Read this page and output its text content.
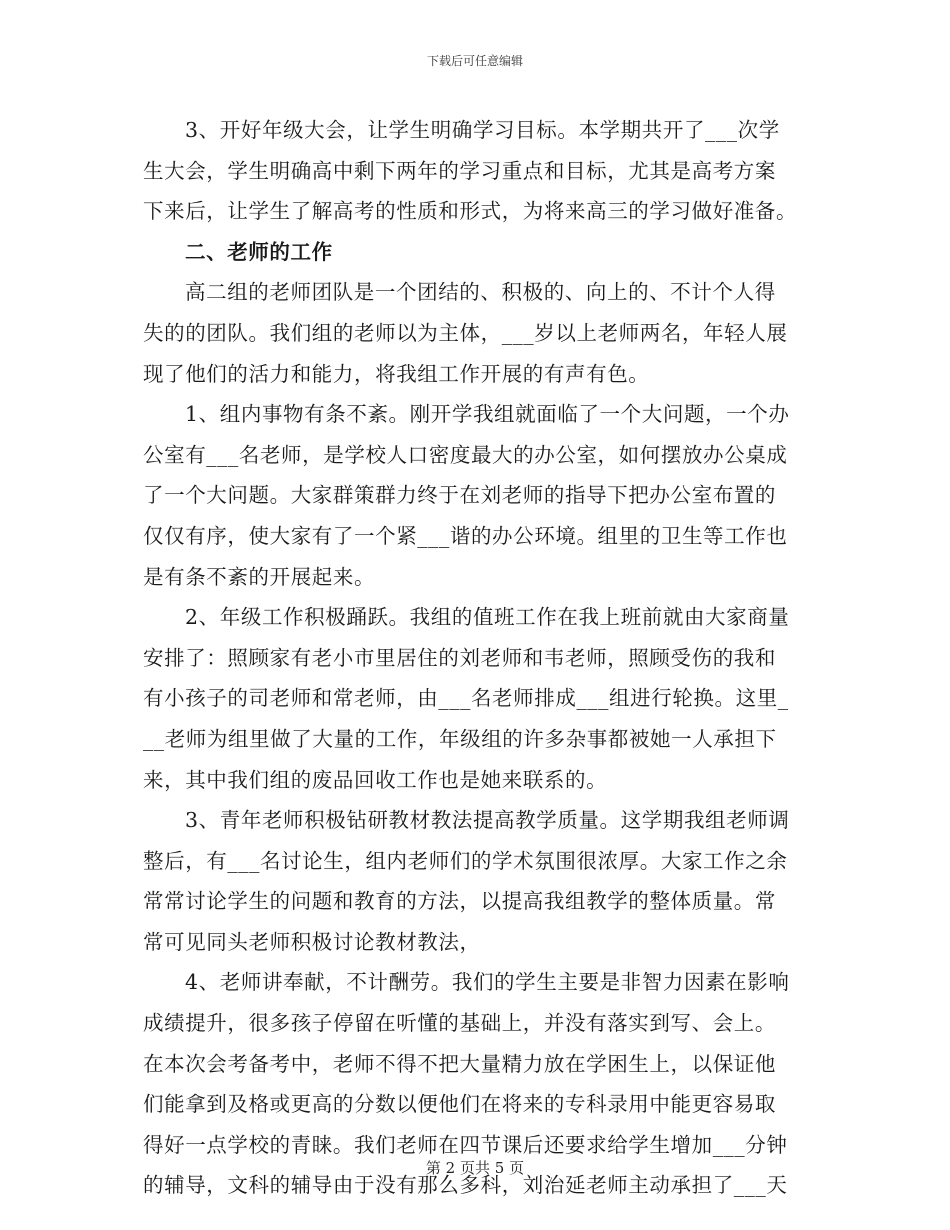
下载后可任意编辑
3、开好年级大会，让学生明确学习目标。本学期共开了___次学
生大会，学生明确高中剩下两年的学习重点和目标，尤其是高考方案
下来后，让学生了解高考的性质和形式，为将来高三的学习做好准备。
二、老师的工作
高二组的老师团队是一个团结的、积极的、向上的、不计个人得
失的的团队。我们组的老师以为主体，___岁以上老师两名，年轻人展
现了他们的活力和能力，将我组工作开展的有声有色。
1、组内事物有条不紊。刚开学我组就面临了一个大问题，一个办
公室有___名老师，是学校人口密度最大的办公室，如何摆放办公桌成
了一个大问题。大家群策群力终于在刘老师的指导下把办公室布置的
仅仅有序，使大家有了一个紧___谐的办公环境。组里的卫生等工作也
是有条不紊的开展起来。
2、年级工作积极踊跃。我组的值班工作在我上班前就由大家商量
安排了：照顾家有老小市里居住的刘老师和韦老师，照顾受伤的我和
有小孩子的司老师和常老师，由___名老师排成___组进行轮换。这里_
__老师为组里做了大量的工作，年级组的许多杂事都被她一人承担下
来，其中我们组的废品回收工作也是她来联系的。
3、青年老师积极钻研教材教法提高教学质量。这学期我组老师调
整后，有___名讨论生，组内老师们的学术氛围很浓厚。大家工作之余
常常讨论学生的问题和教育的方法，以提高我组教学的整体质量。常
常可见同头老师积极讨论教材教法，
4、老师讲奉献，不计酬劳。我们的学生主要是非智力因素在影响
成绩提升，很多孩子停留在听懂的基础上，并没有落实到写、会上。
在本次会考备考中，老师不得不把大量精力放在学困生上，以保证他
们能拿到及格或更高的分数以便他们在将来的专科录用中能更容易取
得好一点学校的青睐。我们老师在四节课后还要求给学生增加___分钟
的辅导，文科的辅导由于没有那么多科，刘治延老师主动承担了___天
第 2 页共 5 页
